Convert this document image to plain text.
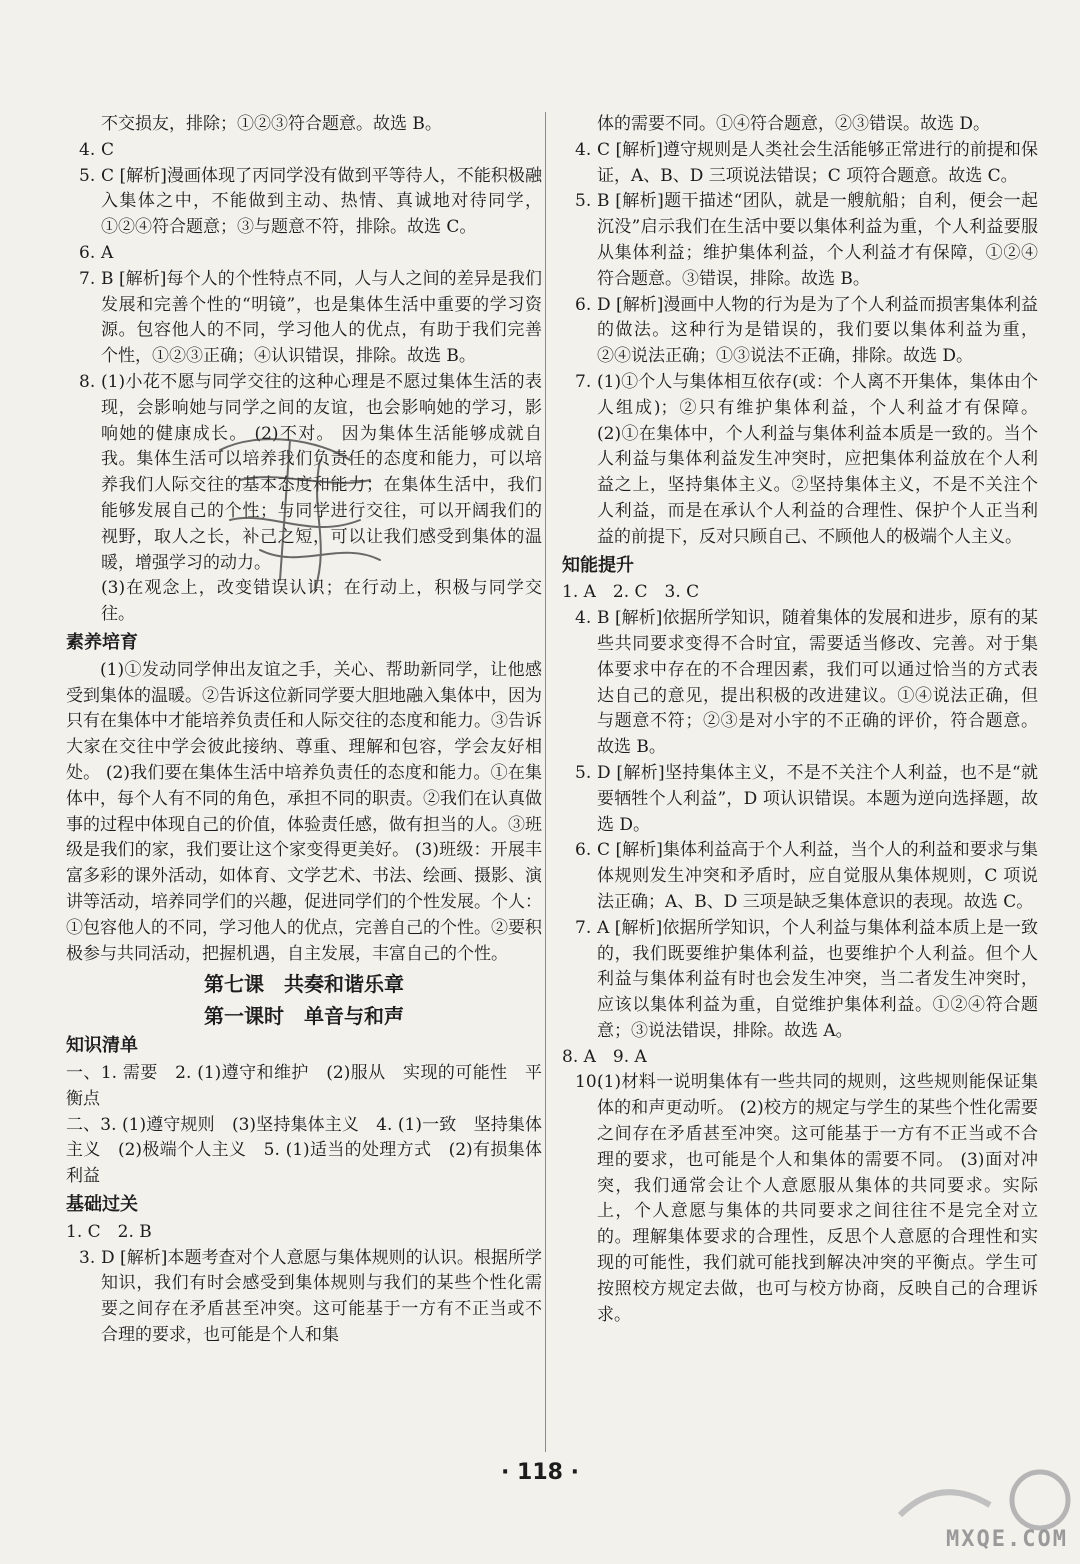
不交损友，排除；①②③符合题意。故选 B。

4. C

5. C [解析]漫画体现了丙同学没有做到平等待人，不能积极融入集体之中，不能做到主动、热情、真诚地对待同学，①②④符合题意；③与题意不符，排除。故选 C。

6. A

7. B [解析]每个人的个性特点不同，人与人之间的差异是我们发展和完善个性的“明镜”，也是集体生活中重要的学习资源。包容他人的不同，学习他人的优点，有助于我们完善个性，①②③正确；④认识错误，排除。故选 B。

8. (1)小花不愿与同学交往的这种心理是不愿过集体生活的表现，会影响她与同学之间的友谊，也会影响她的学习，影响她的健康成长。 (2)不对。 因为集体生活能够成就自我。集体生活可以培养我们负责任的态度和能力，可以培养我们人际交往的基本态度和能力；在集体生活中，我们能够发展自己的个性；与同学进行交往，可以开阔我们的视野，取人之长，补己之短，可以让我们感受到集体的温暖，增强学习的动力。

(3)在观念上，改变错误认识；在行动上，积极与同学交往。

素养培育

(1)①发动同学伸出友谊之手，关心、帮助新同学，让他感受到集体的温暖。②告诉这位新同学要大胆地融入集体中，因为只有在集体中才能培养负责任和人际交往的态度和能力。③告诉大家在交往中学会彼此接纳、尊重、理解和包容，学会友好相处。 (2)我们要在集体生活中培养负责任的态度和能力。①在集体中，每个人有不同的角色，承担不同的职责。②我们在认真做事的过程中体现自己的价值，体验责任感，做有担当的人。③班级是我们的家，我们要让这个家变得更美好。 (3)班级：开展丰富多彩的课外活动，如体育、文学艺术、书法、绘画、摄影、演讲等活动，培养同学们的兴趣，促进同学们的个性发展。个人：①包容他人的不同，学习他人的优点，完善自己的个性。②要积极参与共同活动，把握机遇，自主发展，丰富自己的个性。

第七课　共奏和谐乐章
第一课时　单音与和声
知识清单

一、1. 需要　2. (1)遵守和维护　(2)服从　实现的可能性　平衡点

二、3. (1)遵守规则　(3)坚持集体主义　4. (1)一致　坚持集体主义　(2)极端个人主义　5. (1)适当的处理方式　(2)有损集体利益

基础过关

1. C　2. B

3. D [解析]本题考查对个人意愿与集体规则的认识。根据所学知识，我们有时会感受到集体规则与我们的某些个性化需要之间存在矛盾甚至冲突。这可能基于一方有不正当或不合理的要求，也可能是个人和集

体的需要不同。①④符合题意，②③错误。故选 D。

4. C [解析]遵守规则是人类社会生活能够正常进行的前提和保证，A、B、D 三项说法错误；C 项符合题意。故选 C。

5. B [解析]题干描述“团队，就是一艘航船；自利，便会一起沉没”启示我们在生活中要以集体利益为重，个人利益要服从集体利益；维护集体利益，个人利益才有保障，①②④符合题意。③错误，排除。故选 B。

6. D [解析]漫画中人物的行为是为了个人利益而损害集体利益的做法。这种行为是错误的，我们要以集体利益为重，②④说法正确；①③说法不正确，排除。故选 D。

7. (1)①个人与集体相互依存(或：个人离不开集体，集体由个人组成)；②只有维护集体利益，个人利益才有保障。 (2)①在集体中，个人利益与集体利益本质是一致的。当个人利益与集体利益发生冲突时，应把集体利益放在个人利益之上，坚持集体主义。②坚持集体主义，不是不关注个人利益，而是在承认个人利益的合理性、保护个人正当利益的前提下，反对只顾自己、不顾他人的极端个人主义。

知能提升

1. A　2. C　3. C

4. B [解析]依据所学知识，随着集体的发展和进步，原有的某些共同要求变得不合时宜，需要适当修改、完善。对于集体要求中存在的不合理因素，我们可以通过恰当的方式表达自己的意见，提出积极的改进建议。①④说法正确，但与题意不符；②③是对小宇的不正确的评价，符合题意。故选 B。

5. D [解析]坚持集体主义，不是不关注个人利益，也不是“就要牺牲个人利益”，D 项认识错误。本题为逆向选择题，故选 D。

6. C [解析]集体利益高于个人利益，当个人的利益和要求与集体规则发生冲突和矛盾时，应自觉服从集体规则，C 项说法正确；A、B、D 三项是缺乏集体意识的表现。故选 C。

7. A [解析]依据所学知识，个人利益与集体利益本质上是一致的，我们既要维护集体利益，也要维护个人利益。但个人利益与集体利益有时也会发生冲突，当二者发生冲突时，应该以集体利益为重，自觉维护集体利益。①②④符合题意；③说法错误，排除。故选 A。

8. A　9. A

10.(1)材料一说明集体有一些共同的规则，这些规则能保证集体的和声更动听。 (2)校方的规定与学生的某些个性化需要之间存在矛盾甚至冲突。这可能基于一方有不正当或不合理的要求，也可能是个人和集体的需要不同。 (3)面对冲突，我们通常会让个人意愿服从集体的共同要求。实际上，个人意愿与集体的共同要求之间往往不是完全对立的。理解集体要求的合理性，反思个人意愿的合理性和实现的可能性，我们就可能找到解决冲突的平衡点。学生可按照校方规定去做，也可与校方协商，反映自己的合理诉求。

· 118 ·
MXQE.COM
